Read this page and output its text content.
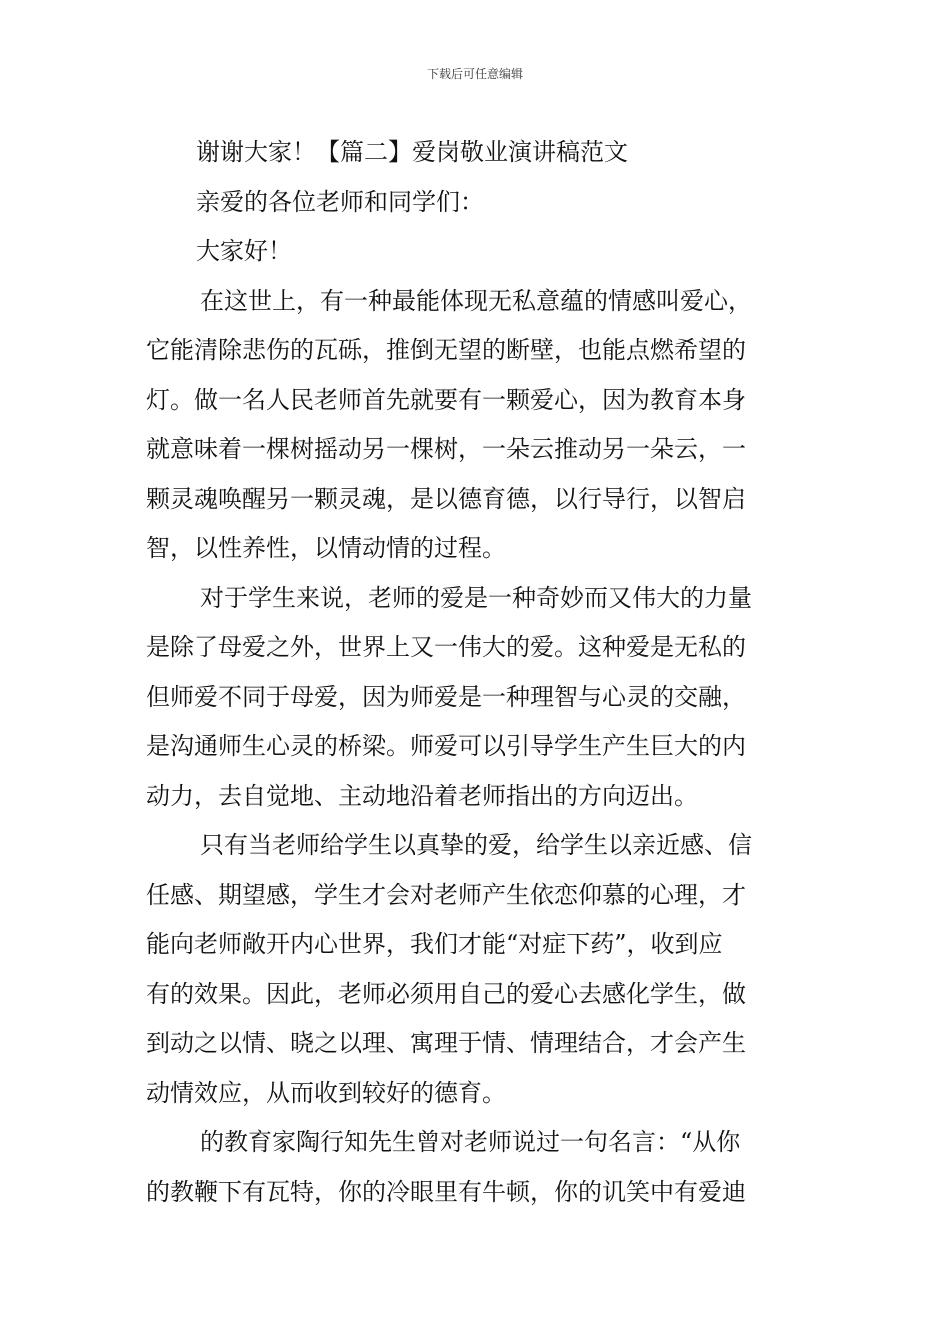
下载后可任意编辑
谢谢大家！【篇二】爱岗敬业演讲稿范文
亲爱的各位老师和同学们：
大家好！
在这世上，有一种最能体现无私意蕴的情感叫爱心，
它能清除悲伤的瓦砾，推倒无望的断壁，也能点燃希望的
灯。做一名人民老师首先就要有一颗爱心，因为教育本身
就意味着一棵树摇动另一棵树，一朵云推动另一朵云，一
颗灵魂唤醒另一颗灵魂，是以德育德，以行导行，以智启
智，以性养性，以情动情的过程。
对于学生来说，老师的爱是一种奇妙而又伟大的力量
是除了母爱之外，世界上又一伟大的爱。这种爱是无私的
但师爱不同于母爱，因为师爱是一种理智与心灵的交融，
是沟通师生心灵的桥梁。师爱可以引导学生产生巨大的内
动力，去自觉地、主动地沿着老师指出的方向迈出。
只有当老师给学生以真挚的爱，给学生以亲近感、信
任感、期望感，学生才会对老师产生依恋仰慕的心理，才
能向老师敞开内心世界，我们才能“对症下药”，收到应
有的效果。因此，老师必须用自己的爱心去感化学生，做
到动之以情、晓之以理、寓理于情、情理结合，才会产生
动情效应，从而收到较好的德育。
的教育家陶行知先生曾对老师说过一句名言：“从你
的教鞭下有瓦特，你的冷眼里有牛顿，你的讥笑中有爱迪
